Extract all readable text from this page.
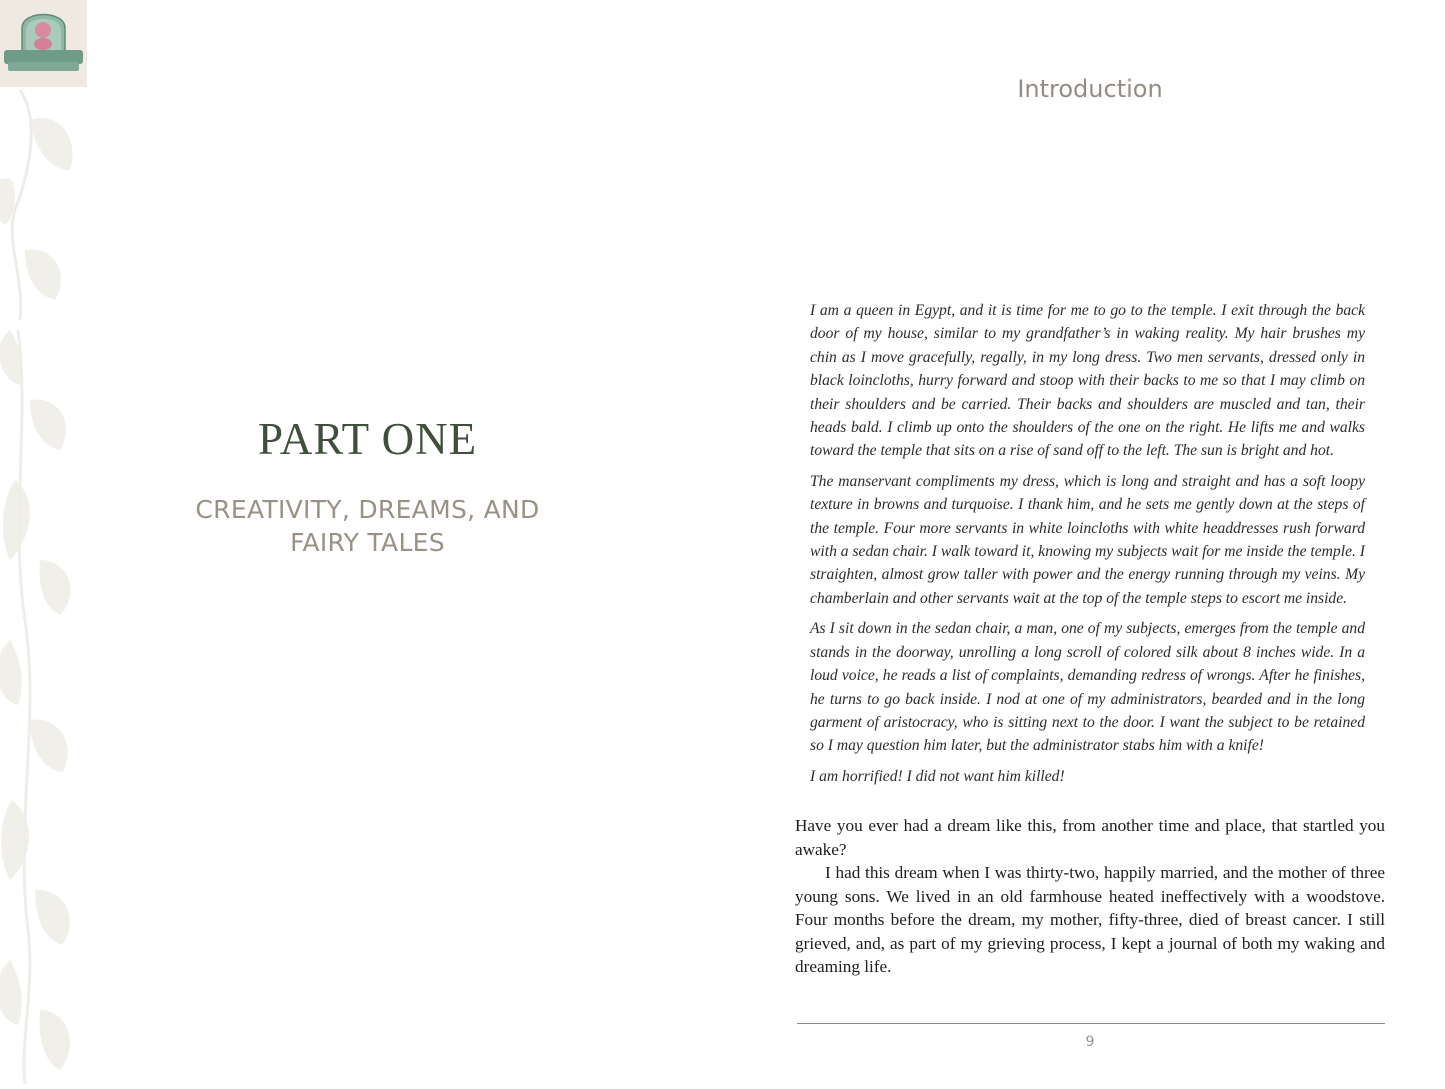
PART ONE
CREATIVITY, DREAMS, AND
FAIRY TALES
Introduction

I am a queen in Egypt, and it is time for me to go to the temple. I exit through the back door of my house, similar to my grandfather’s in waking reality. My hair brushes my chin as I move gracefully, regally, in my long dress. Two men servants, dressed only in black loincloths, hurry forward and stoop with their backs to me so that I may climb on their shoulders and be carried. Their backs and shoulders are muscled and tan, their heads bald. I climb up onto the shoulders of the one on the right. He lifts me and walks toward the temple that sits on a rise of sand off to the left. The sun is bright and hot.

The manservant compliments my dress, which is long and straight and has a soft loopy texture in browns and turquoise. I thank him, and he sets me gently down at the steps of the temple. Four more servants in white loincloths with white headdresses rush forward with a sedan chair. I walk toward it, knowing my subjects wait for me inside the temple. I straighten, almost grow taller with power and the energy running through my veins. My chamberlain and other servants wait at the top of the temple steps to escort me inside.

As I sit down in the sedan chair, a man, one of my subjects, emerges from the temple and stands in the doorway, unrolling a long scroll of colored silk about 8 inches wide. In a loud voice, he reads a list of complaints, demanding redress of wrongs. After he finishes, he turns to go back inside. I nod at one of my administrators, bearded and in the long garment of aristocracy, who is sitting next to the door. I want the subject to be retained so I may question him later, but the administrator stabs him with a knife!

I am horrified! I did not want him killed!

Have you ever had a dream like this, from another time and place, that startled you awake?

I had this dream when I was thirty-two, happily married, and the mother of three young sons. We lived in an old farmhouse heated ineffectively with a woodstove. Four months before the dream, my mother, fifty-three, died of breast cancer. I still grieved, and, as part of my grieving process, I kept a journal of both my waking and dreaming life.

9
